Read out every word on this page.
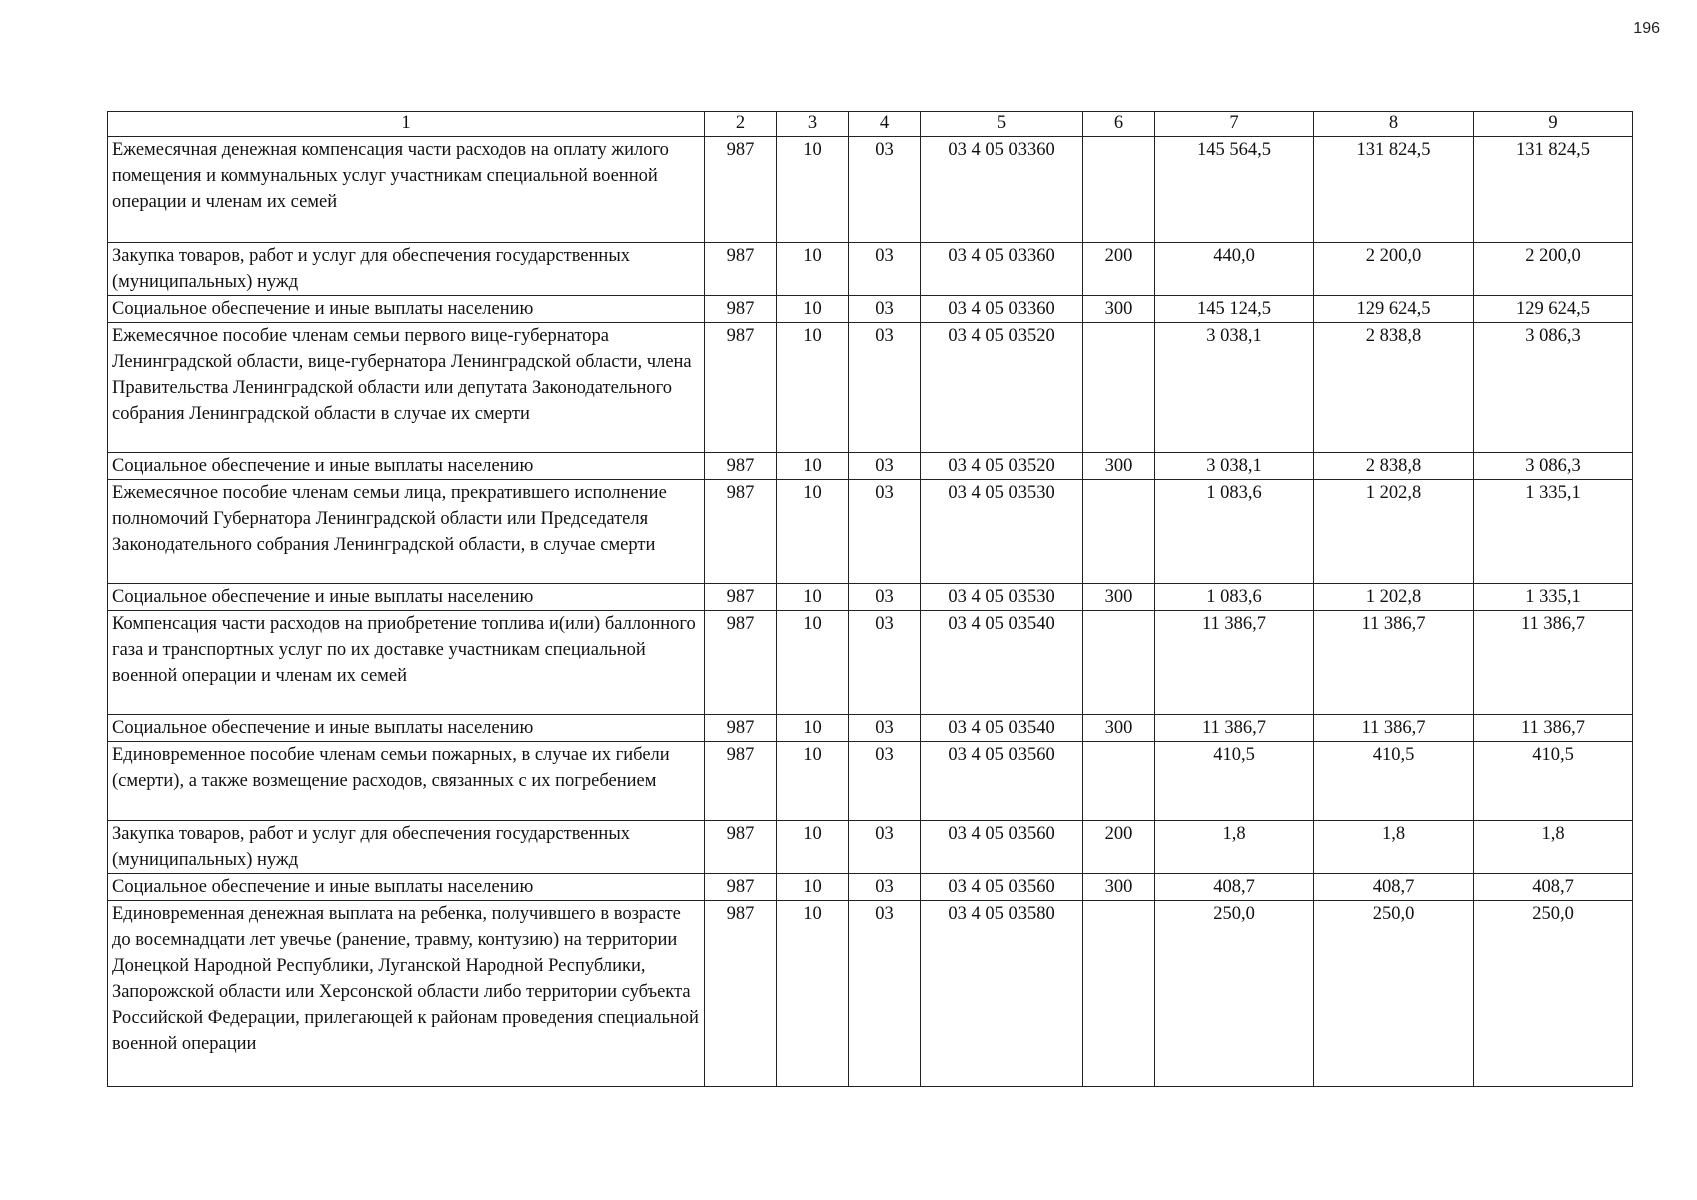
196
1	2	3	4	5	6	7	8	9
Ежемесячная денежная компенсация части расходов на оплату жилого помещения и коммунальных услуг участникам специальной военной операции и членам их семей	987	10	03	03 4 05 03360		145 564,5	131 824,5	131 824,5
Закупка товаров, работ и услуг для обеспечения государственных (муниципальных) нужд	987	10	03	03 4 05 03360	200	440,0	2 200,0	2 200,0
Социальное обеспечение и иные выплаты населению	987	10	03	03 4 05 03360	300	145 124,5	129 624,5	129 624,5
Ежемесячное пособие членам семьи первого вице-губернатора Ленинградской области, вице-губернатора Ленинградской области, члена Правительства Ленинградской области или депутата Законодательного собрания Ленинградской области в случае их смерти	987	10	03	03 4 05 03520		3 038,1	2 838,8	3 086,3
Социальное обеспечение и иные выплаты населению	987	10	03	03 4 05 03520	300	3 038,1	2 838,8	3 086,3
Ежемесячное пособие членам семьи лица, прекратившего исполнение полномочий Губернатора Ленинградской области или Председателя Законодательного собрания Ленинградской области, в случае смерти	987	10	03	03 4 05 03530		1 083,6	1 202,8	1 335,1
Социальное обеспечение и иные выплаты населению	987	10	03	03 4 05 03530	300	1 083,6	1 202,8	1 335,1
Компенсация части расходов на приобретение топлива и(или) баллонного газа и транспортных услуг по их доставке участникам специальной военной операции и членам их семей	987	10	03	03 4 05 03540		11 386,7	11 386,7	11 386,7
Социальное обеспечение и иные выплаты населению	987	10	03	03 4 05 03540	300	11 386,7	11 386,7	11 386,7
Единовременное пособие членам семьи пожарных, в случае их гибели (смерти), а также возмещение расходов, связанных с их погребением	987	10	03	03 4 05 03560		410,5	410,5	410,5
Закупка товаров, работ и услуг для обеспечения государственных (муниципальных) нужд	987	10	03	03 4 05 03560	200	1,8	1,8	1,8
Социальное обеспечение и иные выплаты населению	987	10	03	03 4 05 03560	300	408,7	408,7	408,7
Единовременная денежная выплата на ребенка, получившего в возрасте до восемнадцати лет увечье (ранение, травму, контузию) на территории Донецкой Народной Республики, Луганской Народной Республики, Запорожской области или Херсонской области либо территории субъекта Российской Федерации, прилегающей к районам проведения специальной военной операции	987	10	03	03 4 05 03580		250,0	250,0	250,0
